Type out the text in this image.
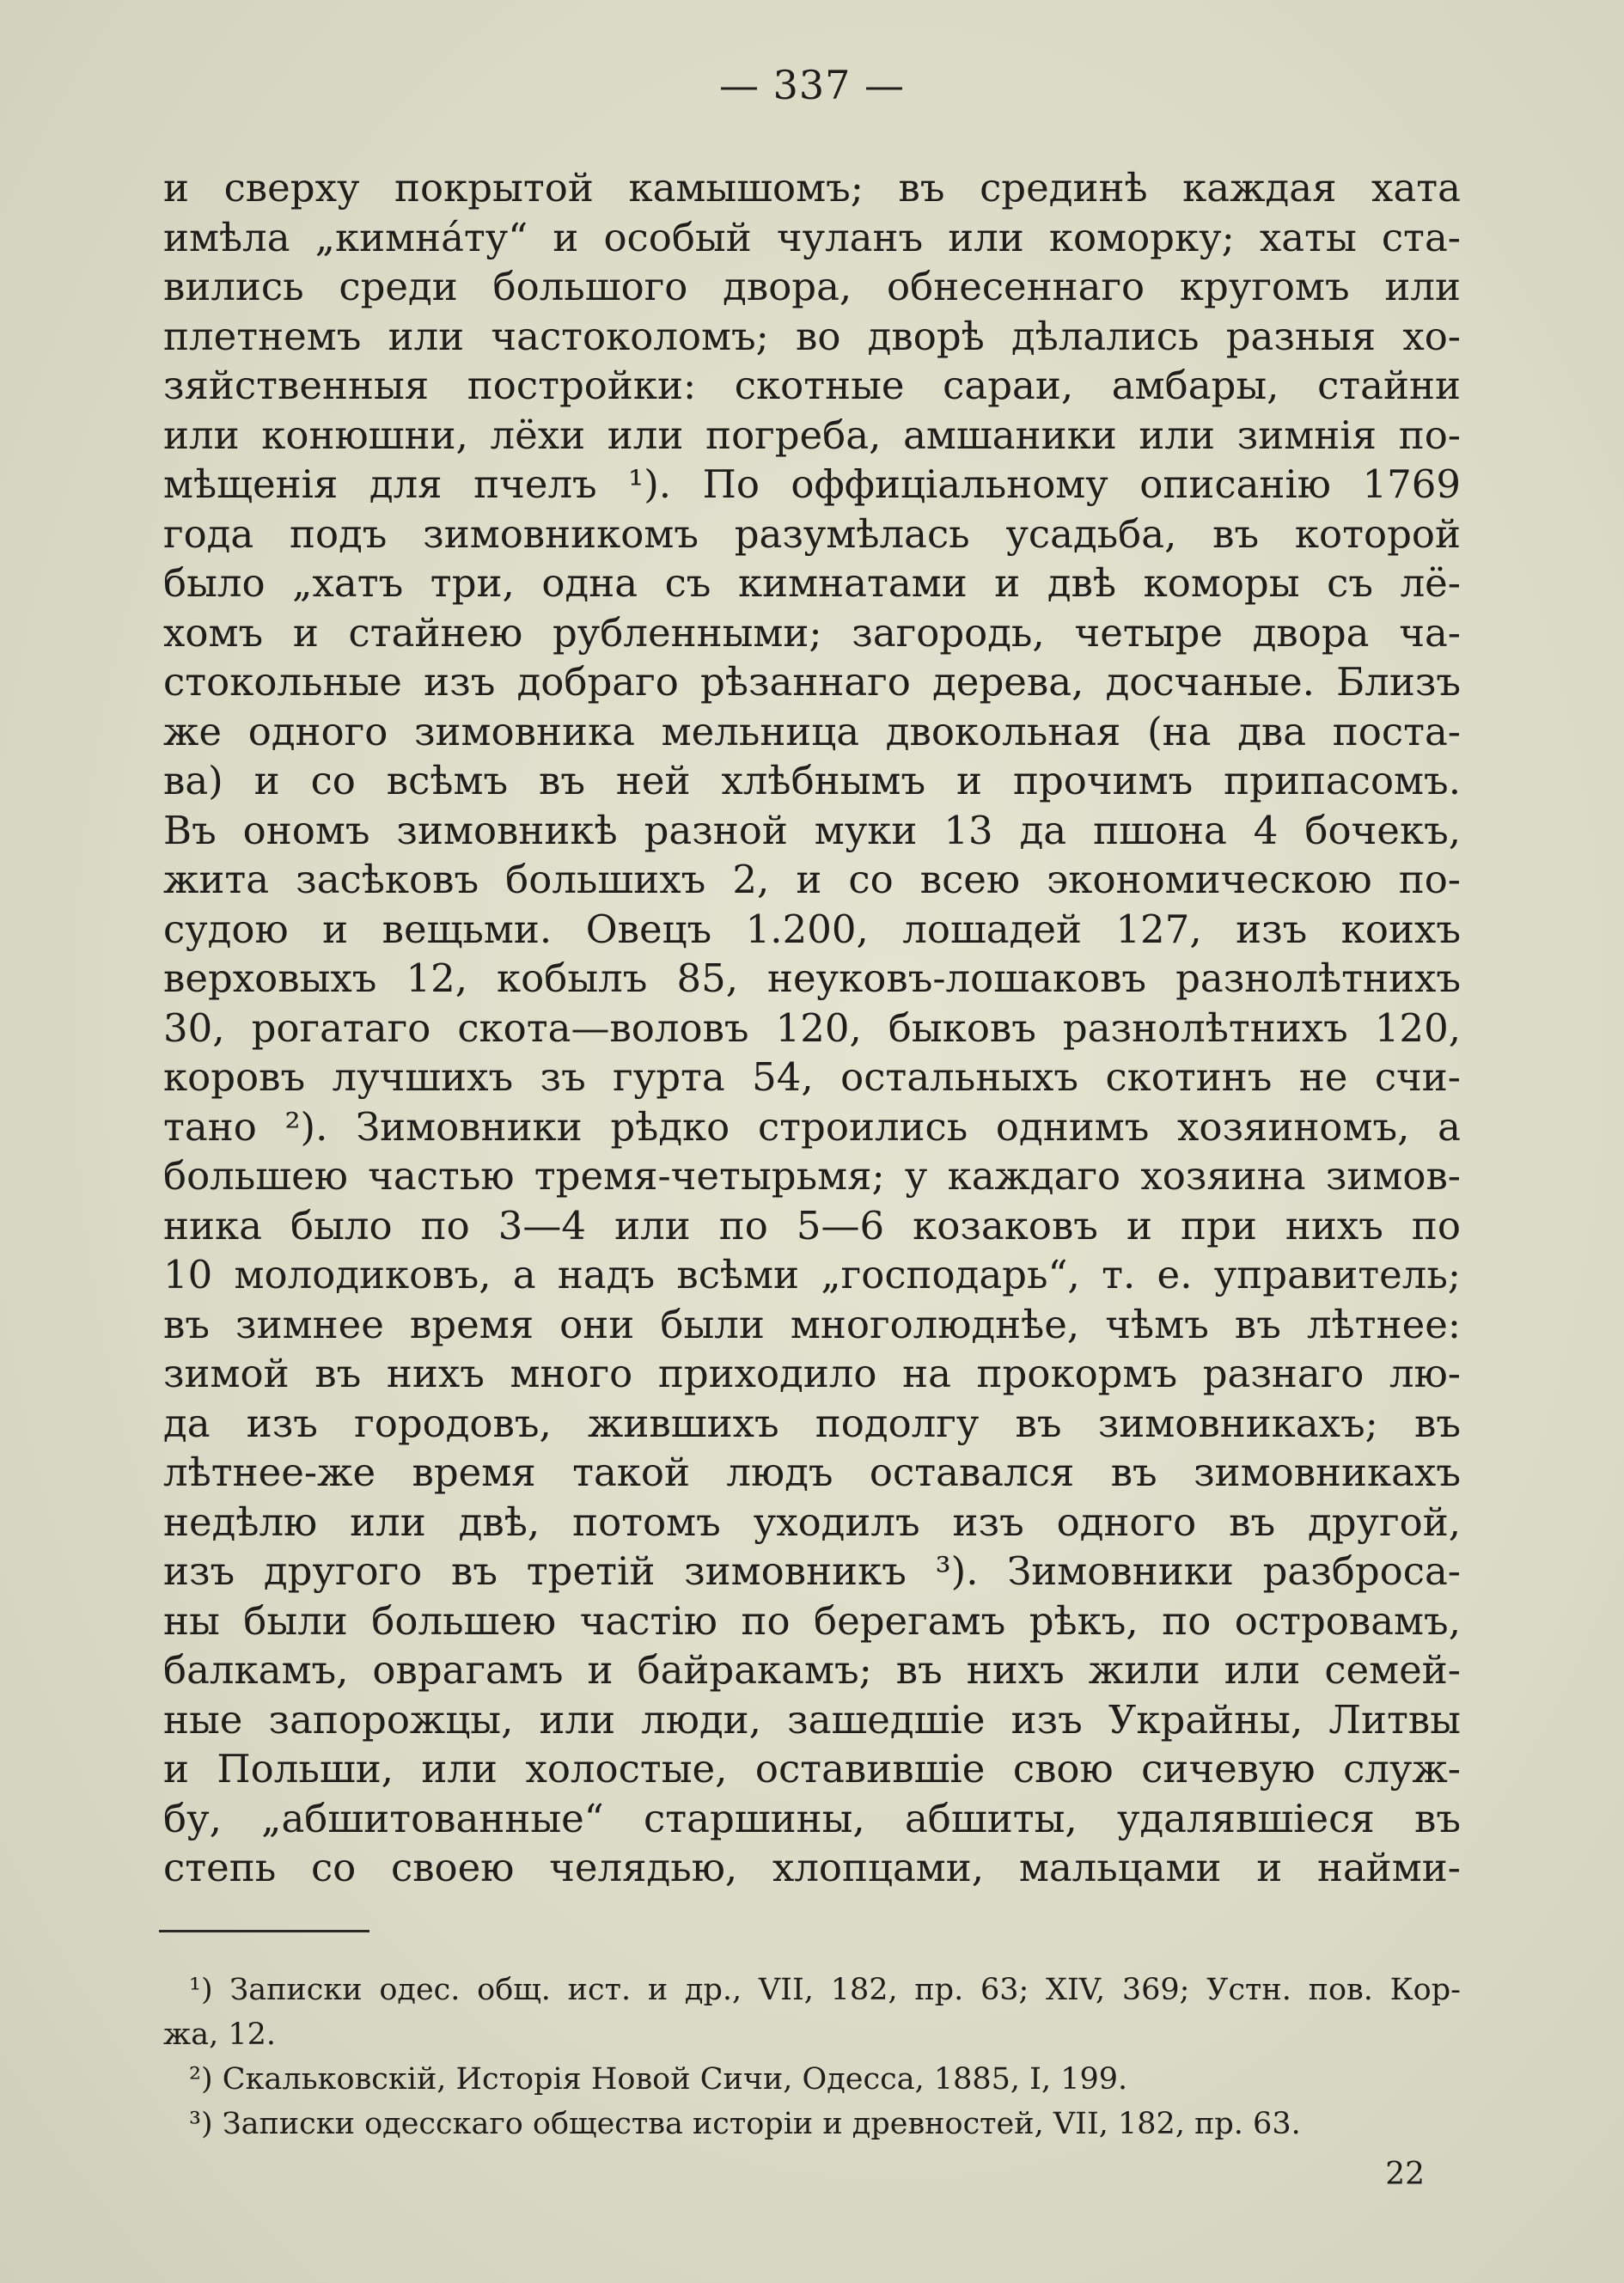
— 337 —
и сверху покрытой камышомъ; въ срединѣ каждая хата
имѣла „кимнáту“ и особый чуланъ или коморку; хаты ста-
вились среди большого двора, обнесеннаго кругомъ или
плетнемъ или частоколомъ; во дворѣ дѣлались разныя хо-
зяйственныя постройки: скотные сараи, амбары, стайни
или конюшни, лёхи или погреба, амшаники или зимнія по-
мѣщенія для пчелъ ¹). По оффиціальному описанію 1769
года подъ зимовникомъ разумѣлась усадьба, въ которой
было „хатъ три, одна съ кимнатами и двѣ коморы съ лё-
хомъ и стайнею рубленными; загородь, четыре двора ча-
стокольные изъ добраго рѣзаннаго дерева, досчаные. Близъ
же одного зимовника мельница двокольная (на два поста-
ва) и со всѣмъ въ ней хлѣбнымъ и прочимъ припасомъ.
Въ ономъ зимовникѣ разной муки 13 да пшона 4 бочекъ,
жита засѣковъ большихъ 2, и со всею экономическою по-
судою и вещьми. Овецъ 1.200, лошадей 127, изъ коихъ
верховыхъ 12, кобылъ 85, неуковъ-лошаковъ разнолѣтнихъ
30, рогатаго скота—воловъ 120, быковъ разнолѣтнихъ 120,
коровъ лучшихъ зъ гурта 54, остальныхъ скотинъ не счи-
тано ²). Зимовники рѣдко строились однимъ хозяиномъ, а
большею частью тремя-четырьмя; у каждаго хозяина зимов-
ника было по 3—4 или по 5—6 козаковъ и при нихъ по
10 молодиковъ, а надъ всѣми „господарь“, т. е. управитель;
въ зимнее время они были многолюднѣе, чѣмъ въ лѣтнее:
зимой въ нихъ много приходило на прокормъ разнаго лю-
да изъ городовъ, жившихъ подолгу въ зимовникахъ; въ
лѣтнее-же время такой людъ оставался въ зимовникахъ
недѣлю или двѣ, потомъ уходилъ изъ одного въ другой,
изъ другого въ третій зимовникъ ³). Зимовники разброса-
ны были большею частію по берегамъ рѣкъ, по островамъ,
балкамъ, оврагамъ и байракамъ; въ нихъ жили или семей-
ные запорожцы, или люди, зашедшіе изъ Украйны, Литвы
и Польши, или холостые, оставившіе свою сичевую служ-
бу, „абшитованные“ старшины, абшиты, удалявшіеся въ
степь со своею челядью, хлопцами, мальцами и найми-
¹) Записки одес. общ. ист. и др., VII, 182, пр. 63; XIV, 369; Устн. пов. Кор-
жа, 12.
²) Скальковскій, Исторія Новой Сичи, Одесса, 1885, I, 199.
³) Записки одесскаго общества исторіи и древностей, VII, 182, пр. 63.
22
